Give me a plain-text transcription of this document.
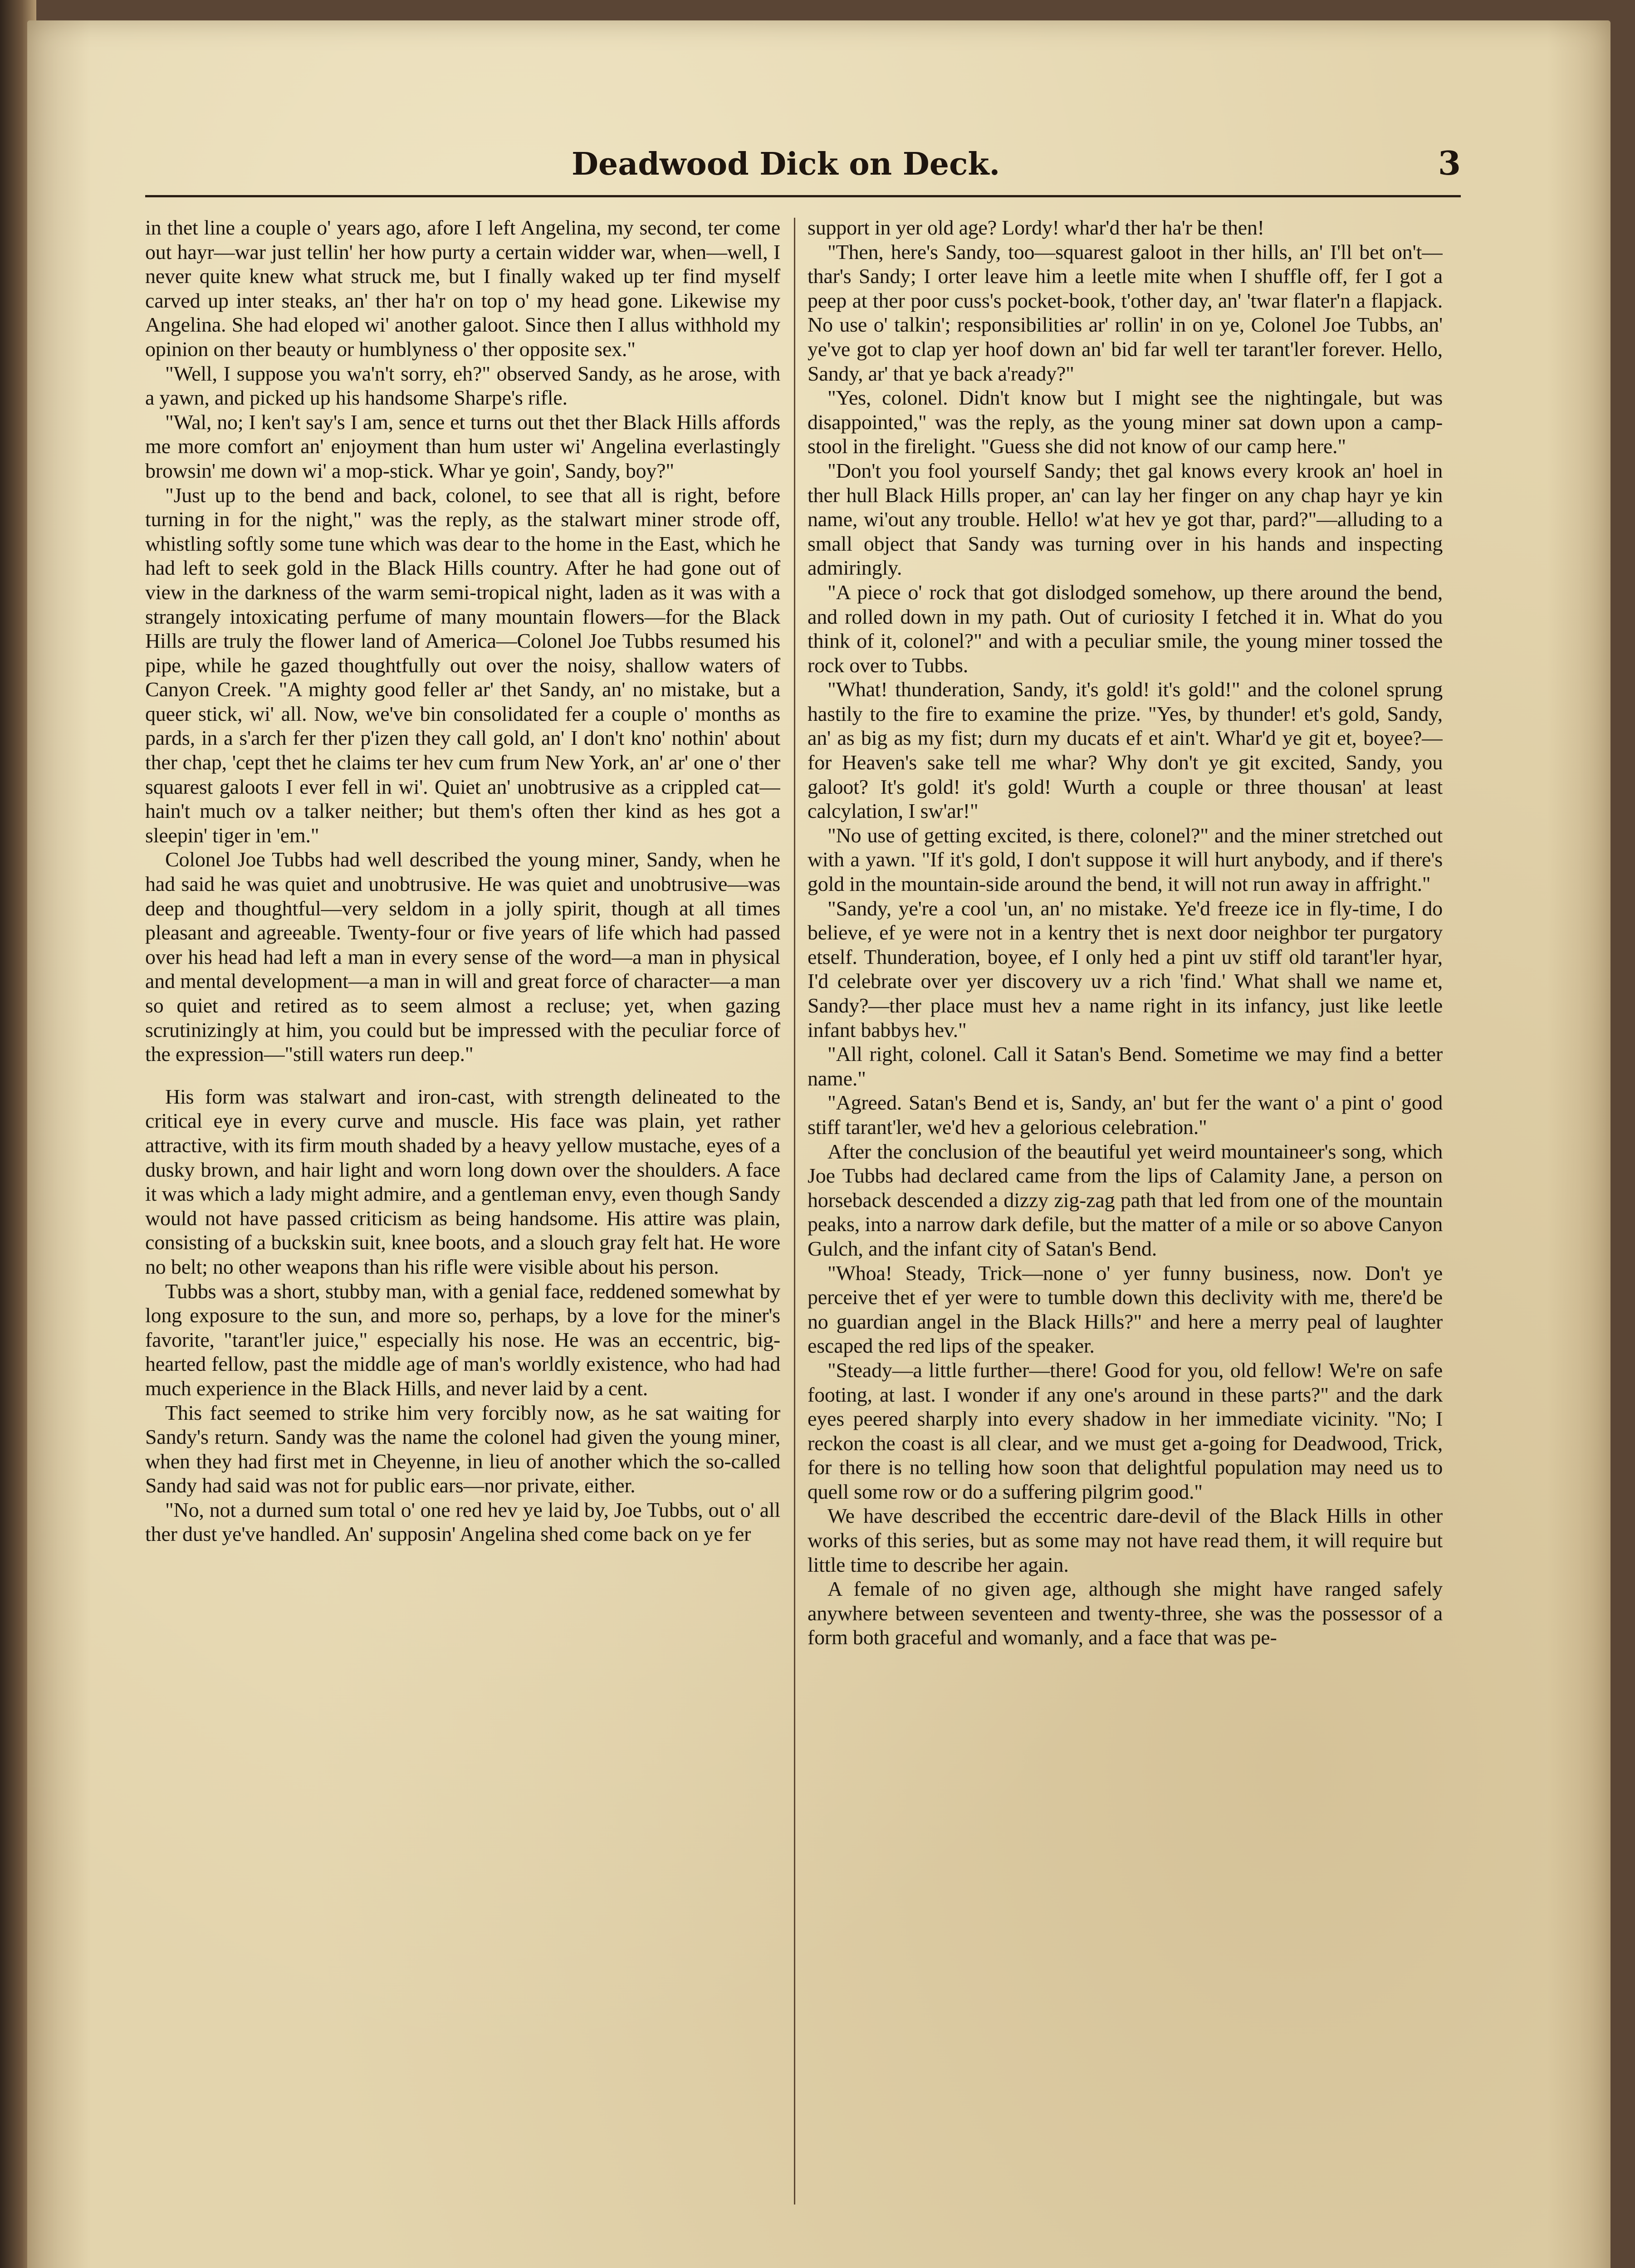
Deadwood Dick on Deck.	3

in thet line a couple o' years ago, afore I left Angelina, my second, ter come out hayr—war just tellin' her how purty a certain widder war, when—well, I never quite knew what struck me, but I finally waked up ter find myself carved up inter steaks, an' ther ha'r on top o' my head gone. Likewise my Angelina. She had eloped wi' another galoot. Since then I allus withhold my opinion on ther beauty or humblyness o' ther opposite sex."

"Well, I suppose you wa'n't sorry, eh?" observed Sandy, as he arose, with a yawn, and picked up his handsome Sharpe's rifle.

"Wal, no; I ken't say's I am, sence et turns out thet ther Black Hills affords me more comfort an' enjoyment than hum uster wi' Angelina everlastingly browsin' me down wi' a mop-stick. Whar ye goin', Sandy, boy?"

"Just up to the bend and back, colonel, to see that all is right, before turning in for the night," was the reply, as the stalwart miner strode off, whistling softly some tune which was dear to the home in the East, which he had left to seek gold in the Black Hills country. After he had gone out of view in the darkness of the warm semi-tropical night, laden as it was with a strangely intoxicating perfume of many mountain flowers—for the Black Hills are truly the flower land of America—Colonel Joe Tubbs resumed his pipe, while he gazed thoughtfully out over the noisy, shallow waters of Canyon Creek. "A mighty good feller ar' thet Sandy, an' no mistake, but a queer stick, wi' all. Now, we've bin consolidated fer a couple o' months as pards, in a s'arch fer ther p'izen they call gold, an' I don't kno' nothin' about ther chap, 'cept thet he claims ter hev cum frum New York, an' ar' one o' ther squarest galoots I ever fell in wi'. Quiet an' unobtrusive as a crippled cat—hain't much ov a talker neither; but them's often ther kind as hes got a sleepin' tiger in 'em."

Colonel Joe Tubbs had well described the young miner, Sandy, when he had said he was quiet and unobtrusive. He was quiet and unobtrusive—was deep and thoughtful—very seldom in a jolly spirit, though at all times pleasant and agreeable. Twenty-four or five years of life which had passed over his head had left a man in every sense of the word—a man in physical and mental development—a man in will and great force of character—a man so quiet and retired as to seem almost a recluse; yet, when gazing scrutinizingly at him, you could but be impressed with the peculiar force of the expression—"still waters run deep."

His form was stalwart and iron-cast, with strength delineated to the critical eye in every curve and muscle. His face was plain, yet rather attractive, with its firm mouth shaded by a heavy yellow mustache, eyes of a dusky brown, and hair light and worn long down over the shoulders. A face it was which a lady might admire, and a gentleman envy, even though Sandy would not have passed criticism as being handsome. His attire was plain, consisting of a buckskin suit, knee boots, and a slouch gray felt hat. He wore no belt; no other weapons than his rifle were visible about his person.

Tubbs was a short, stubby man, with a genial face, reddened somewhat by long exposure to the sun, and more so, perhaps, by a love for the miner's favorite, "tarant'ler juice," especially his nose. He was an eccentric, big-hearted fellow, past the middle age of man's worldly existence, who had had much experience in the Black Hills, and never laid by a cent.

This fact seemed to strike him very forcibly now, as he sat waiting for Sandy's return. Sandy was the name the colonel had given the young miner, when they had first met in Cheyenne, in lieu of another which the so-called Sandy had said was not for public ears—nor private, either.

"No, not a durned sum total o' one red hev ye laid by, Joe Tubbs, out o' all ther dust ye've handled. An' supposin' Angelina shed come back on ye fer

support in yer old age? Lordy! whar'd ther ha'r be then!

"Then, here's Sandy, too—squarest galoot in ther hills, an' I'll bet on't—thar's Sandy; I orter leave him a leetle mite when I shuffle off, fer I got a peep at ther poor cuss's pocket-book, t'other day, an' 'twar flater'n a flapjack. No use o' talkin'; responsibilities ar' rollin' in on ye, Colonel Joe Tubbs, an' ye've got to clap yer hoof down an' bid far well ter tarant'ler forever. Hello, Sandy, ar' that ye back a'ready?"

"Yes, colonel. Didn't know but I might see the nightingale, but was disappointed," was the reply, as the young miner sat down upon a camp-stool in the firelight. "Guess she did not know of our camp here."

"Don't you fool yourself Sandy; thet gal knows every krook an' hoel in ther hull Black Hills proper, an' can lay her finger on any chap hayr ye kin name, wi'out any trouble. Hello! w'at hev ye got thar, pard?"—alluding to a small object that Sandy was turning over in his hands and inspecting admiringly.

"A piece o' rock that got dislodged somehow, up there around the bend, and rolled down in my path. Out of curiosity I fetched it in. What do you think of it, colonel?" and with a peculiar smile, the young miner tossed the rock over to Tubbs.

"What! thunderation, Sandy, it's gold! it's gold!" and the colonel sprung hastily to the fire to examine the prize. "Yes, by thunder! et's gold, Sandy, an' as big as my fist; durn my ducats ef et ain't. Whar'd ye git et, boyee?—for Heaven's sake tell me whar? Why don't ye git excited, Sandy, you galoot? It's gold! it's gold! Wurth a couple or three thousan' at least calcylation, I sw'ar!"

"No use of getting excited, is there, colonel?" and the miner stretched out with a yawn. "If it's gold, I don't suppose it will hurt anybody, and if there's gold in the mountain-side around the bend, it will not run away in affright."

"Sandy, ye're a cool 'un, an' no mistake. Ye'd freeze ice in fly-time, I do believe, ef ye were not in a kentry thet is next door neighbor ter purgatory etself. Thunderation, boyee, ef I only hed a pint uv stiff old tarant'ler hyar, I'd celebrate over yer discovery uv a rich 'find.' What shall we name et, Sandy?—ther place must hev a name right in its infancy, just like leetle infant babbys hev."

"All right, colonel. Call it Satan's Bend. Sometime we may find a better name."

"Agreed. Satan's Bend et is, Sandy, an' but fer the want o' a pint o' good stiff tarant'ler, we'd hev a gelorious celebration."

After the conclusion of the beautiful yet weird mountaineer's song, which Joe Tubbs had declared came from the lips of Calamity Jane, a person on horseback descended a dizzy zig-zag path that led from one of the mountain peaks, into a narrow dark defile, but the matter of a mile or so above Canyon Gulch, and the infant city of Satan's Bend.

"Whoa! Steady, Trick—none o' yer funny business, now. Don't ye perceive thet ef yer were to tumble down this declivity with me, there'd be no guardian angel in the Black Hills?" and here a merry peal of laughter escaped the red lips of the speaker.

"Steady—a little further—there! Good for you, old fellow! We're on safe footing, at last. I wonder if any one's around in these parts?" and the dark eyes peered sharply into every shadow in her immediate vicinity. "No; I reckon the coast is all clear, and we must get a-going for Deadwood, Trick, for there is no telling how soon that delightful population may need us to quell some row or do a suffering pilgrim good."

We have described the eccentric dare-devil of the Black Hills in other works of this series, but as some may not have read them, it will require but little time to describe her again.

A female of no given age, although she might have ranged safely anywhere between seventeen and twenty-three, she was the possessor of a form both graceful and womanly, and a face that was pe-
